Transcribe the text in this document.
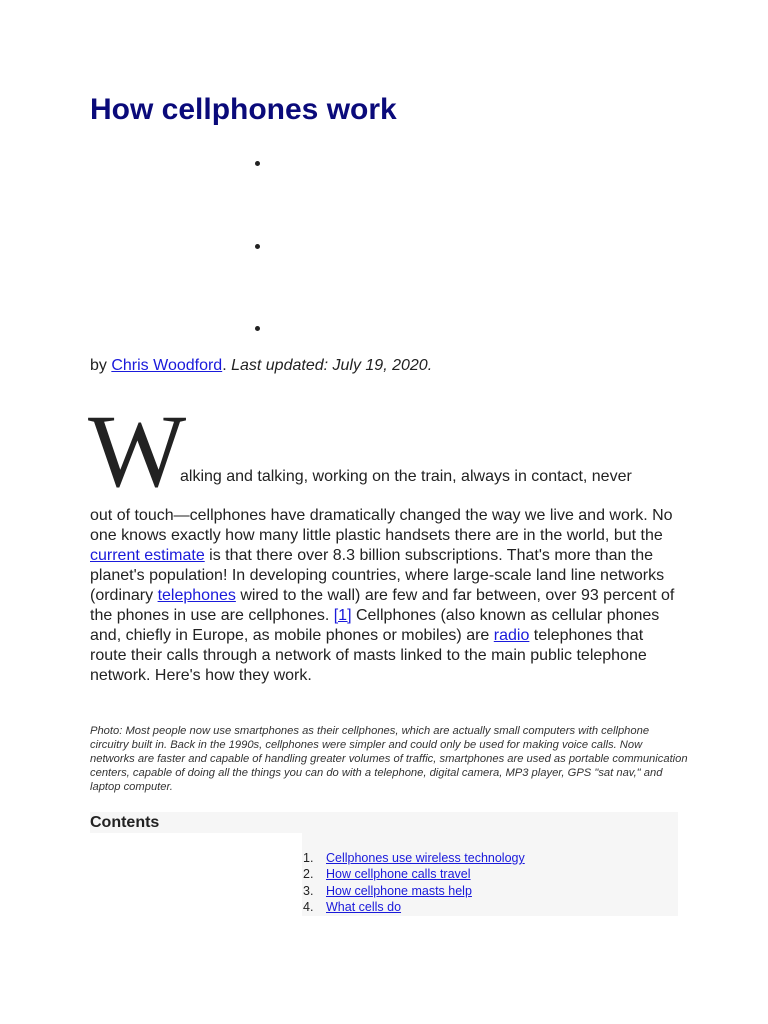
How cellphones work
by Chris Woodford. Last updated: July 19, 2020.
W
alking and talking, working on the train, always in contact, never
out of touch—cellphones have dramatically changed the way we live and work. No one knows exactly how many little plastic handsets there are in the world, but the current estimate is that there over 8.3 billion subscriptions. That's more than the planet's population! In developing countries, where large-scale land line networks (ordinary telephones wired to the wall) are few and far between, over 93 percent of the phones in use are cellphones. [1] Cellphones (also known as cellular phones and, chiefly in Europe, as mobile phones or mobiles) are radio telephones that route their calls through a network of masts linked to the main public telephone network. Here's how they work.
Photo: Most people now use smartphones as their cellphones, which are actually small computers with cellphone circuitry built in. Back in the 1990s, cellphones were simpler and could only be used for making voice calls. Now networks are faster and capable of handling greater volumes of traffic, smartphones are used as portable communication centers, capable of doing all the things you can do with a telephone, digital camera, MP3 player, GPS "sat nav," and laptop computer.
Contents
1.	Cellphones use wireless technology
2.	How cellphone calls travel
3.	How cellphone masts help
4.	What cells do
